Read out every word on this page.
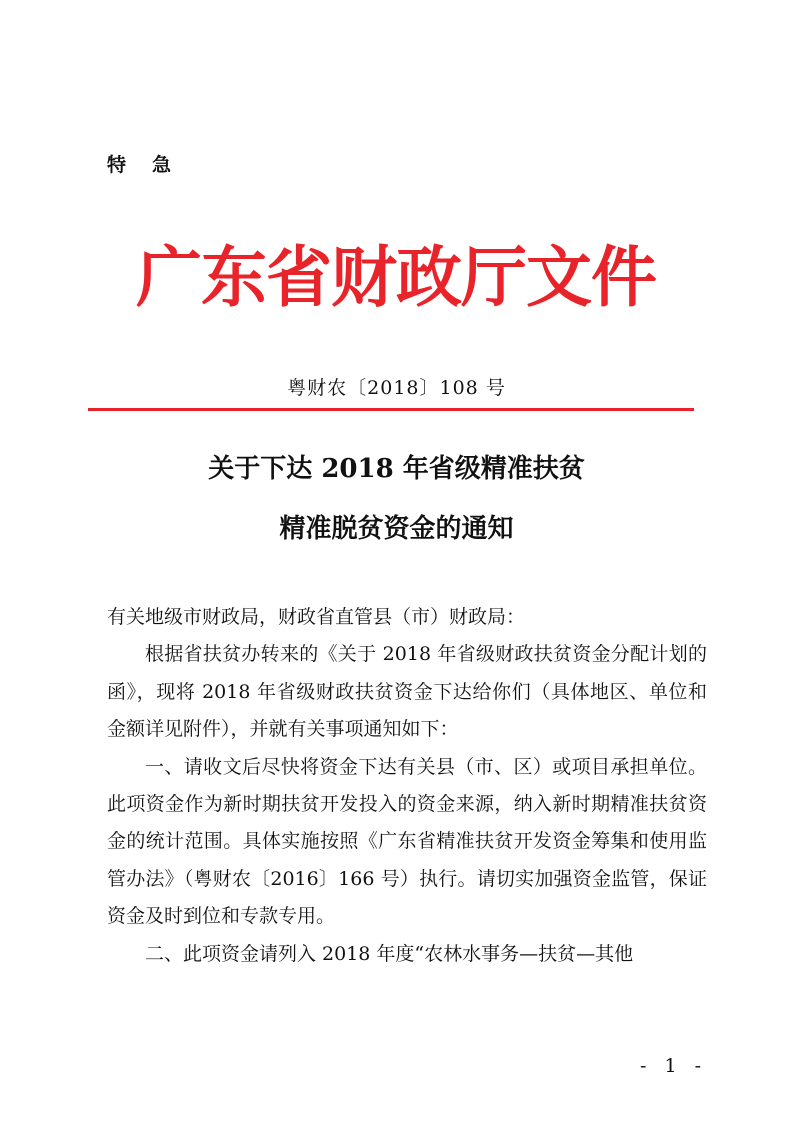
特急
广东省财政厅文件
粤财农〔2018〕108 号
关于下达 2018 年省级精准扶贫
精准脱贫资金的通知

有关地级市财政局，财政省直管县（市）财政局：

根据省扶贫办转来的《关于 2018 年省级财政扶贫资金分配计划的函》，现将 2018 年省级财政扶贫资金下达给你们（具体地区、单位和金额详见附件），并就有关事项通知如下：

一、请收文后尽快将资金下达有关县（市、区）或项目承担单位。此项资金作为新时期扶贫开发投入的资金来源，纳入新时期精准扶贫资金的统计范围。具体实施按照《广东省精准扶贫开发资金筹集和使用监管办法》（粤财农〔2016〕166 号）执行。请切实加强资金监管，保证资金及时到位和专款专用。

二、此项资金请列入 2018 年度“农林水事务—扶贫—其他

- 1 -
